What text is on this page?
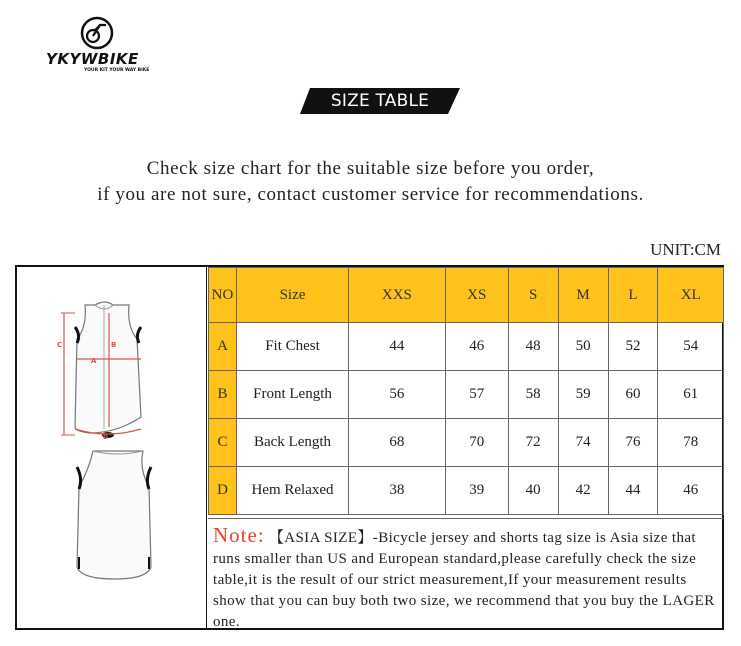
YKYWBIKE
YOUR KIT YOUR WAY BIKE
SIZE TABLE
Check size chart for the suitable size before you order,
if you are not sure, contact customer service for recommendations.
UNIT:CM
C
A
B
D
NO	Size	XXS	XS	S	M	L	XL
A	Fit Chest	44	46	48	50	52	54
B	Front Length	56	57	58	59	60	61
C	Back Length	68	70	72	74	76	78
D	Hem Relaxed	38	39	40	42	44	46
Note: 【ASIA SIZE】-Bicycle jersey and shorts tag size is Asia size that runs smaller than US and European standard,please carefully check the size table,it is the result of our strict measurement,If your measurement results show that you can buy both two size, we recommend that you buy the LAGER one.
